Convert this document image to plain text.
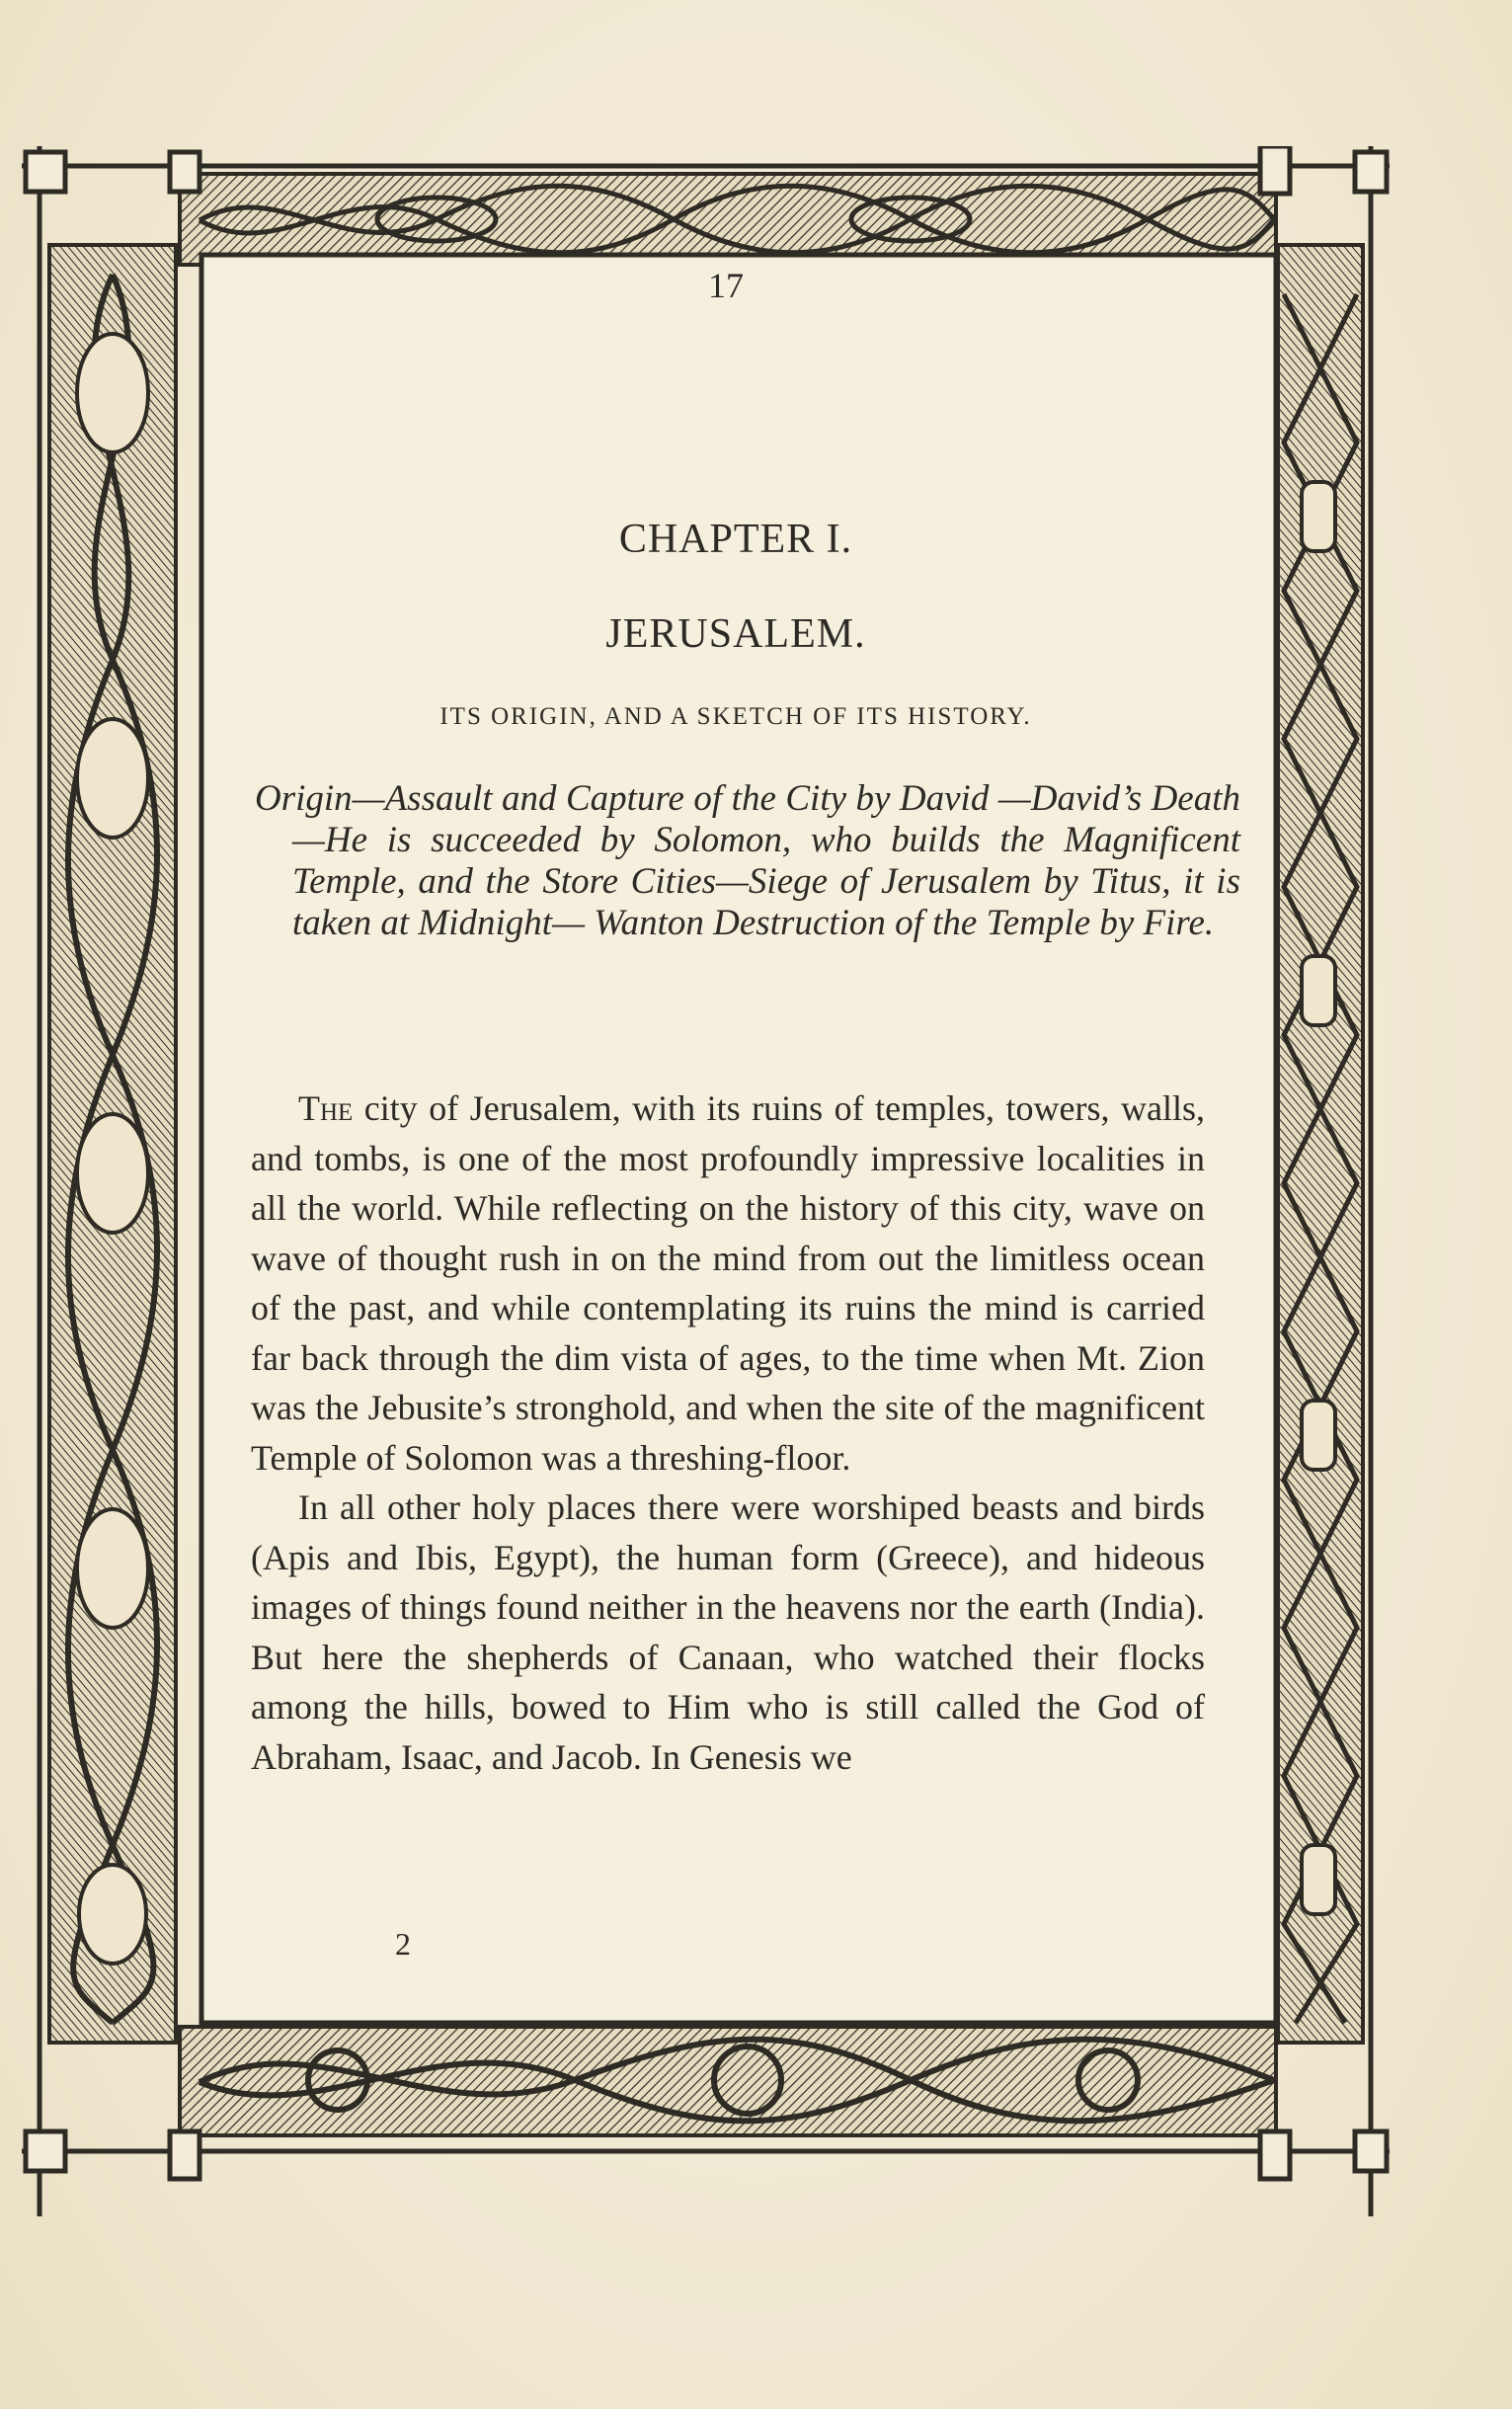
17
CHAPTER I.
JERUSALEM.
ITS ORIGIN, AND A SKETCH OF ITS HISTORY.
Origin—Assault and Capture of the City by David —David’s Death—He is succeeded by Solomon, who builds the Magnificent Temple, and the Store Cities—Siege of Jerusalem by Titus, it is taken at Midnight— Wanton Destruction of the Temple by Fire.

The city of Jerusalem, with its ruins of temples, towers, walls, and tombs, is one of the most profoundly impressive localities in all the world. While reflecting on the history of this city, wave on wave of thought rush in on the mind from out the limitless ocean of the past, and while contemplating its ruins the mind is carried far back through the dim vista of ages, to the time when Mt. Zion was the Jebusite’s stronghold, and when the site of the magnificent Temple of Solomon was a threshing-floor.

In all other holy places there were worshiped beasts and birds (Apis and Ibis, Egypt), the human form (Greece), and hideous images of things found neither in the heavens nor the earth (India). But here the shepherds of Canaan, who watched their flocks among the hills, bowed to Him who is still called the God of Abraham, Isaac, and Jacob. In Genesis we

2
